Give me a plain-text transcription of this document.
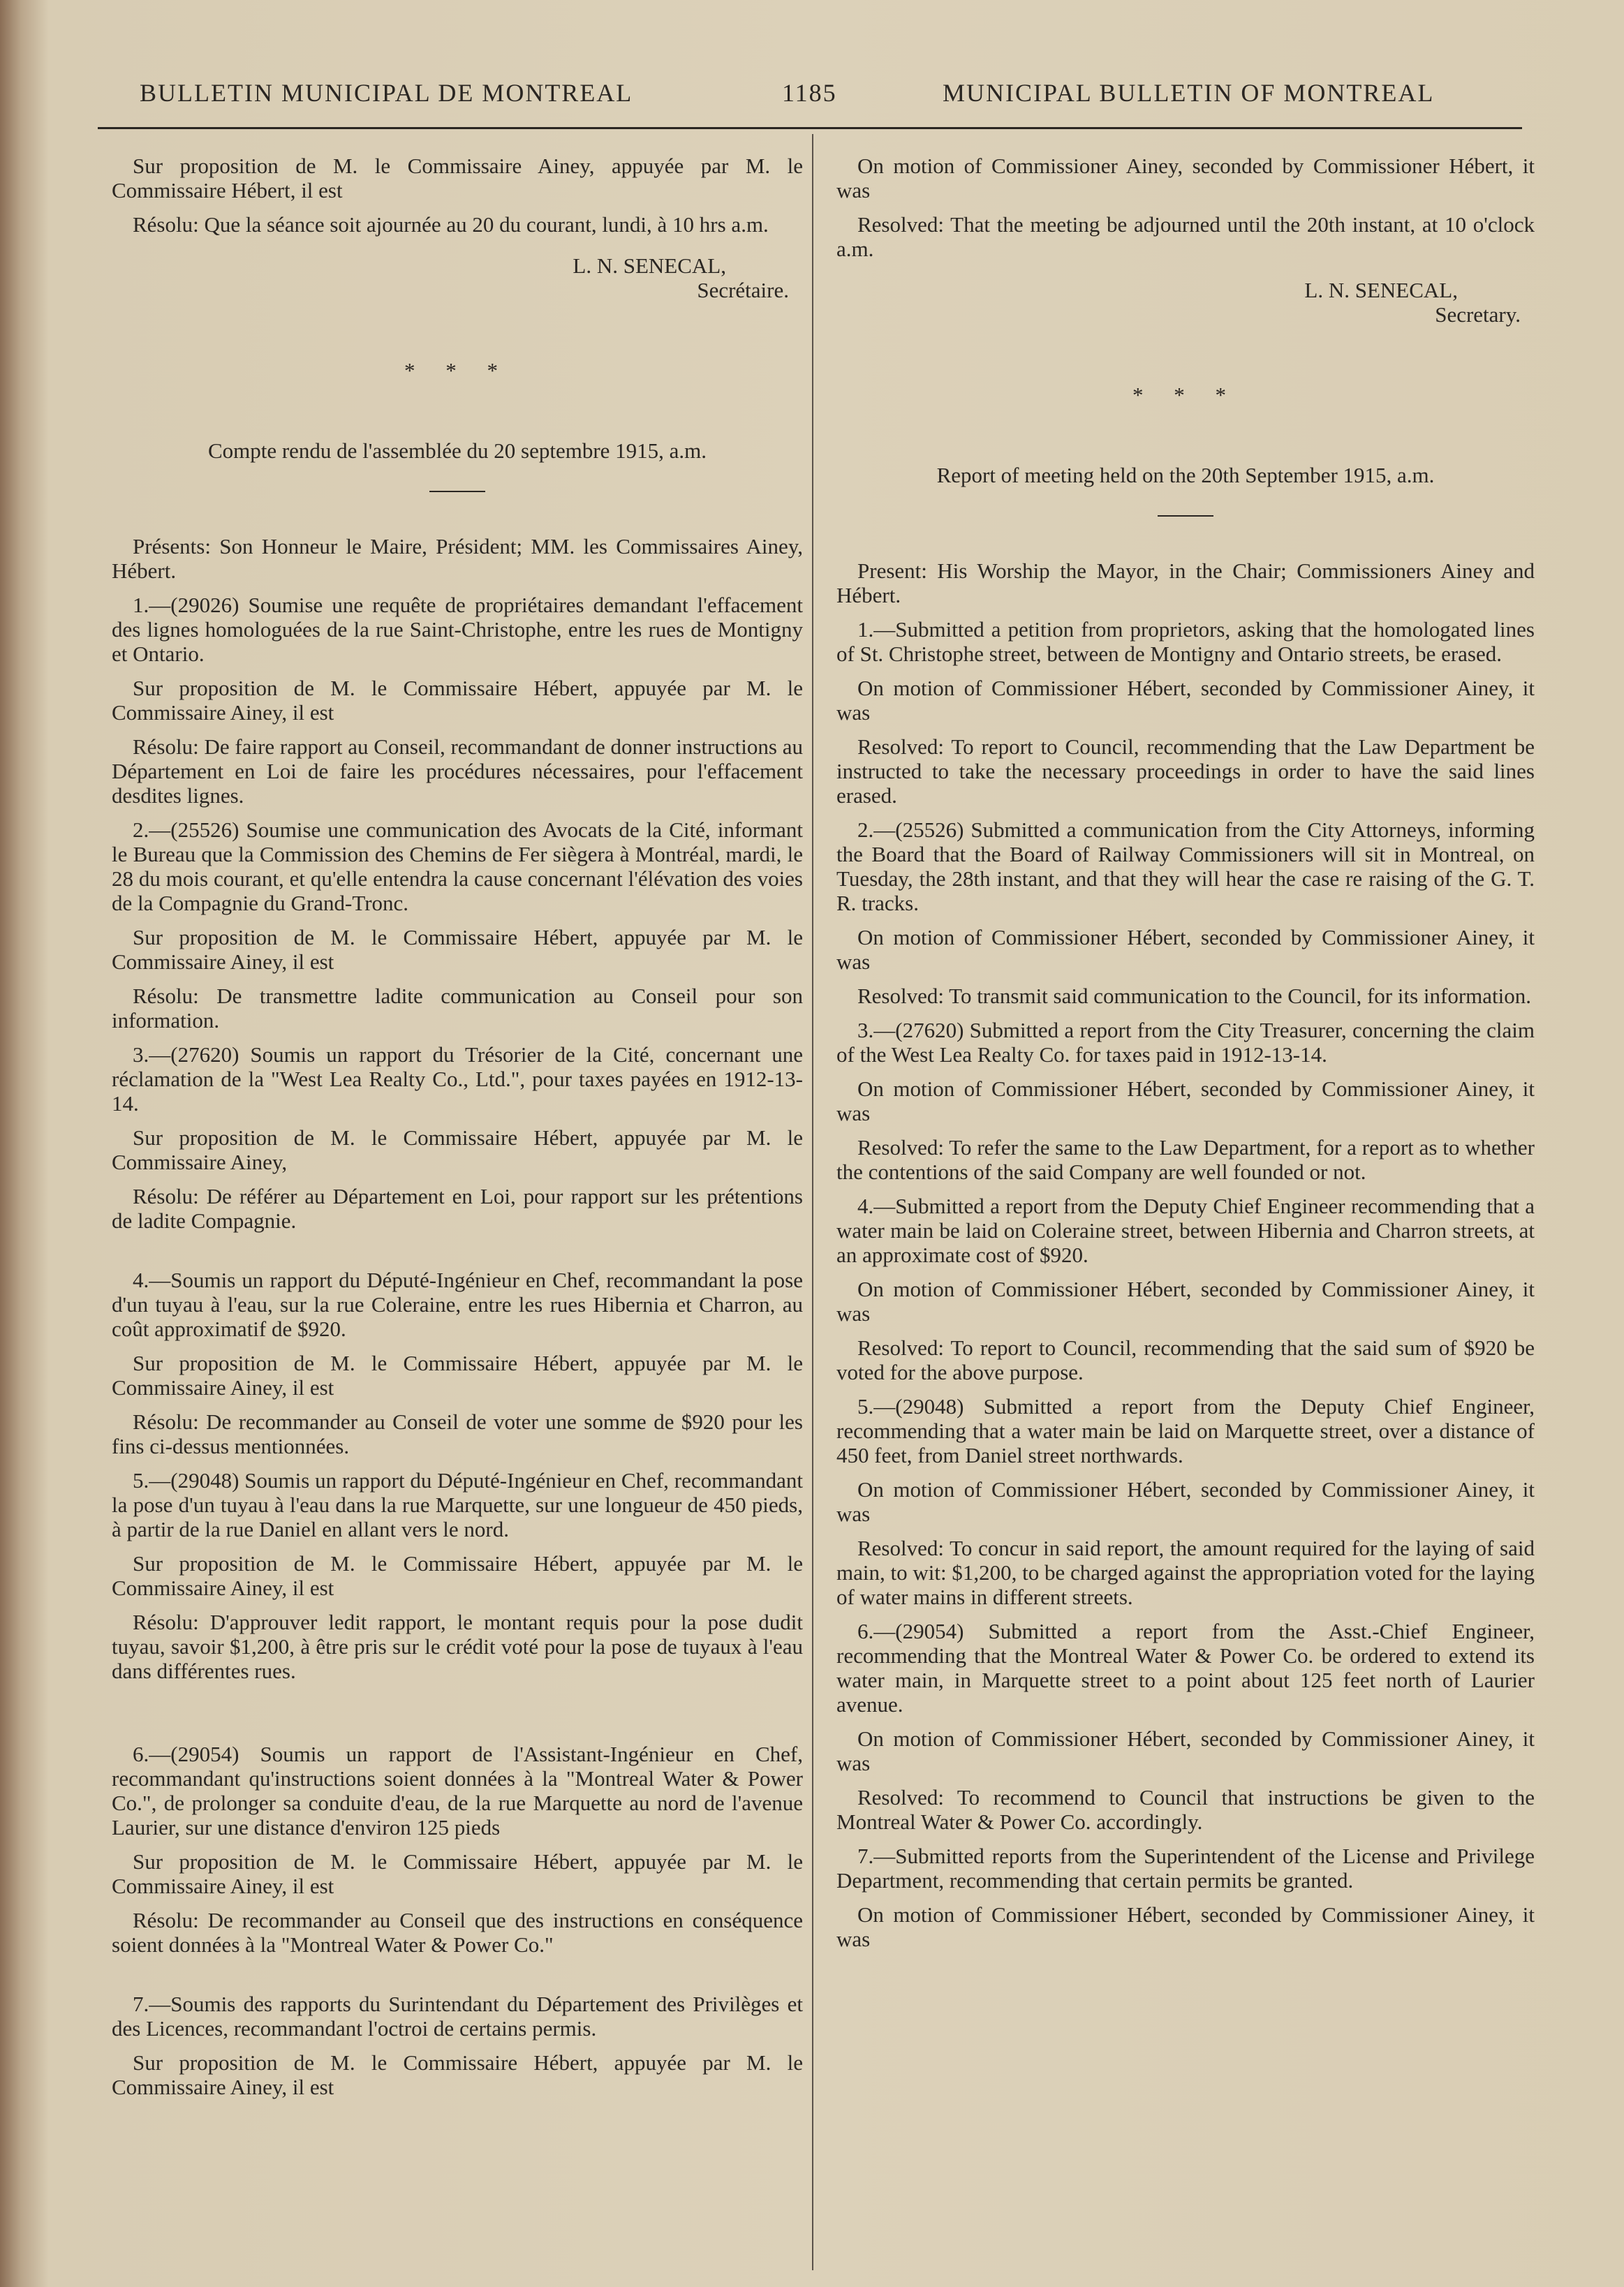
BULLETIN MUNICIPAL DE MONTREAL	1185	MUNICIPAL BULLETIN OF MONTREAL

Sur proposition de M. le Commissaire Ainey, appuyée par M. le Commissaire Hébert, il est

Résolu: Que la séance soit ajournée au 20 du courant, lundi, à 10 hrs a.m.

L. N. SENECAL,
Secrétaire.
* * *
Compte rendu de l'assemblée du 20 septembre 1915, a.m.

Présents: Son Honneur le Maire, Président; MM. les Commissaires Ainey, Hébert.

1.—(29026) Soumise une requête de propriétaires demandant l'effacement des lignes homologuées de la rue Saint-Christophe, entre les rues de Montigny et Ontario.

Sur proposition de M. le Commissaire Hébert, appuyée par M. le Commissaire Ainey, il est

Résolu: De faire rapport au Conseil, recommandant de donner instructions au Département en Loi de faire les procédures nécessaires, pour l'effacement desdites lignes.

2.—(25526) Soumise une communication des Avocats de la Cité, informant le Bureau que la Commission des Chemins de Fer siègera à Montréal, mardi, le 28 du mois courant, et qu'elle entendra la cause concernant l'élévation des voies de la Compagnie du Grand-Tronc.

Sur proposition de M. le Commissaire Hébert, appuyée par M. le Commissaire Ainey, il est

Résolu: De transmettre ladite communication au Conseil pour son information.

3.—(27620) Soumis un rapport du Trésorier de la Cité, concernant une réclamation de la "West Lea Realty Co., Ltd.", pour taxes payées en 1912-13-14.

Sur proposition de M. le Commissaire Hébert, appuyée par M. le Commissaire Ainey,

Résolu: De référer au Département en Loi, pour rapport sur les prétentions de ladite Compagnie.

4.—Soumis un rapport du Député-Ingénieur en Chef, recommandant la pose d'un tuyau à l'eau, sur la rue Coleraine, entre les rues Hibernia et Charron, au coût approximatif de $920.

Sur proposition de M. le Commissaire Hébert, appuyée par M. le Commissaire Ainey, il est

Résolu: De recommander au Conseil de voter une somme de $920 pour les fins ci-dessus mentionnées.

5.—(29048) Soumis un rapport du Député-Ingénieur en Chef, recommandant la pose d'un tuyau à l'eau dans la rue Marquette, sur une longueur de 450 pieds, à partir de la rue Daniel en allant vers le nord.

Sur proposition de M. le Commissaire Hébert, appuyée par M. le Commissaire Ainey, il est

Résolu: D'approuver ledit rapport, le montant requis pour la pose dudit tuyau, savoir $1,200, à être pris sur le crédit voté pour la pose de tuyaux à l'eau dans différentes rues.

6.—(29054) Soumis un rapport de l'Assistant-Ingénieur en Chef, recommandant qu'instructions soient données à la "Montreal Water & Power Co.", de prolonger sa conduite d'eau, de la rue Marquette au nord de l'avenue Laurier, sur une distance d'environ 125 pieds

Sur proposition de M. le Commissaire Hébert, appuyée par M. le Commissaire Ainey, il est

Résolu: De recommander au Conseil que des instructions en conséquence soient données à la "Montreal Water & Power Co."

7.—Soumis des rapports du Surintendant du Département des Privilèges et des Licences, recommandant l'octroi de certains permis.

Sur proposition de M. le Commissaire Hébert, appuyée par M. le Commissaire Ainey, il est

On motion of Commissioner Ainey, seconded by Commissioner Hébert, it was

Resolved: That the meeting be adjourned until the 20th instant, at 10 o'clock a.m.

L. N. SENECAL,
Secretary.
* * *
Report of meeting held on the 20th September 1915, a.m.

Present: His Worship the Mayor, in the Chair; Commissioners Ainey and Hébert.

1.—Submitted a petition from proprietors, asking that the homologated lines of St. Christophe street, between de Montigny and Ontario streets, be erased.

On motion of Commissioner Hébert, seconded by Commissioner Ainey, it was

Resolved: To report to Council, recommending that the Law Department be instructed to take the necessary proceedings in order to have the said lines erased.

2.—(25526) Submitted a communication from the City Attorneys, informing the Board that the Board of Railway Commissioners will sit in Montreal, on Tuesday, the 28th instant, and that they will hear the case re raising of the G. T. R. tracks.

On motion of Commissioner Hébert, seconded by Commissioner Ainey, it was

Resolved: To transmit said communication to the Council, for its information.

3.—(27620) Submitted a report from the City Treasurer, concerning the claim of the West Lea Realty Co. for taxes paid in 1912-13-14.

On motion of Commissioner Hébert, seconded by Commissioner Ainey, it was

Resolved: To refer the same to the Law Department, for a report as to whether the contentions of the said Company are well founded or not.

4.—Submitted a report from the Deputy Chief Engineer recommending that a water main be laid on Coleraine street, between Hibernia and Charron streets, at an approximate cost of $920.

On motion of Commissioner Hébert, seconded by Commissioner Ainey, it was

Resolved: To report to Council, recommending that the said sum of $920 be voted for the above purpose.

5.—(29048) Submitted a report from the Deputy Chief Engineer, recommending that a water main be laid on Marquette street, over a distance of 450 feet, from Daniel street northwards.

On motion of Commissioner Hébert, seconded by Commissioner Ainey, it was

Resolved: To concur in said report, the amount required for the laying of said main, to wit: $1,200, to be charged against the appropriation voted for the laying of water mains in different streets.

6.—(29054) Submitted a report from the Asst.-Chief Engineer, recommending that the Montreal Water & Power Co. be ordered to extend its water main, in Marquette street to a point about 125 feet north of Laurier avenue.

On motion of Commissioner Hébert, seconded by Commissioner Ainey, it was

Resolved: To recommend to Council that instructions be given to the Montreal Water & Power Co. accordingly.

7.—Submitted reports from the Superintendent of the License and Privilege Department, recommending that certain permits be granted.

On motion of Commissioner Hébert, seconded by Commissioner Ainey, it was
